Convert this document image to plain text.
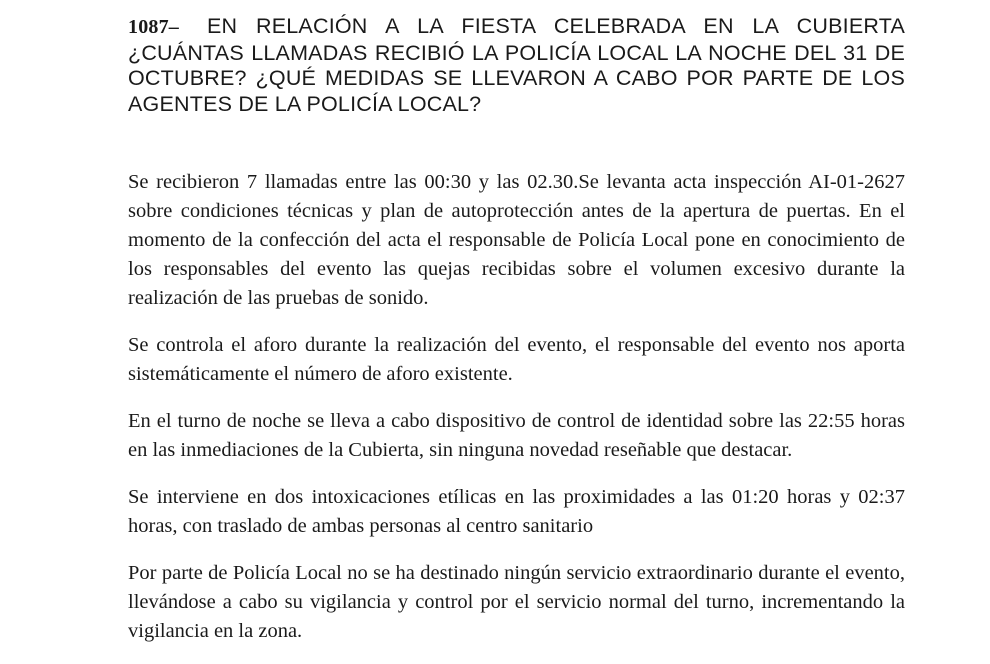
1087– EN RELACIÓN A LA FIESTA CELEBRADA EN LA CUBIERTA ¿CUÁNTAS LLAMADAS RECIBIÓ LA POLICÍA LOCAL LA NOCHE DEL 31 DE OCTUBRE? ¿QUÉ MEDIDAS SE LLEVARON A CABO POR PARTE DE LOS AGENTES DE LA POLICÍA LOCAL?

Se recibieron 7 llamadas entre las 00:30 y las 02.30.Se levanta acta inspección AI-01-2627 sobre condiciones técnicas y plan de autoprotección antes de la apertura de puertas. En el momento de la confección del acta el responsable de Policía Local pone en conocimiento de los responsables del evento las quejas recibidas sobre el volumen excesivo durante la realización de las pruebas de sonido.

Se controla el aforo durante la realización del evento, el responsable del evento nos aporta sistemáticamente el número de aforo existente.

En el turno de noche se lleva a cabo dispositivo de control de identidad sobre las 22:55 horas en las inmediaciones de la Cubierta, sin ninguna novedad reseñable que destacar.

Se interviene en dos intoxicaciones etílicas en las proximidades a las 01:20 horas y 02:37 horas, con traslado de ambas personas al centro sanitario

Por parte de Policía Local no se ha destinado ningún servicio extraordinario durante el evento, llevándose a cabo su vigilancia y control por el servicio normal del turno, incrementando la vigilancia en la zona.
